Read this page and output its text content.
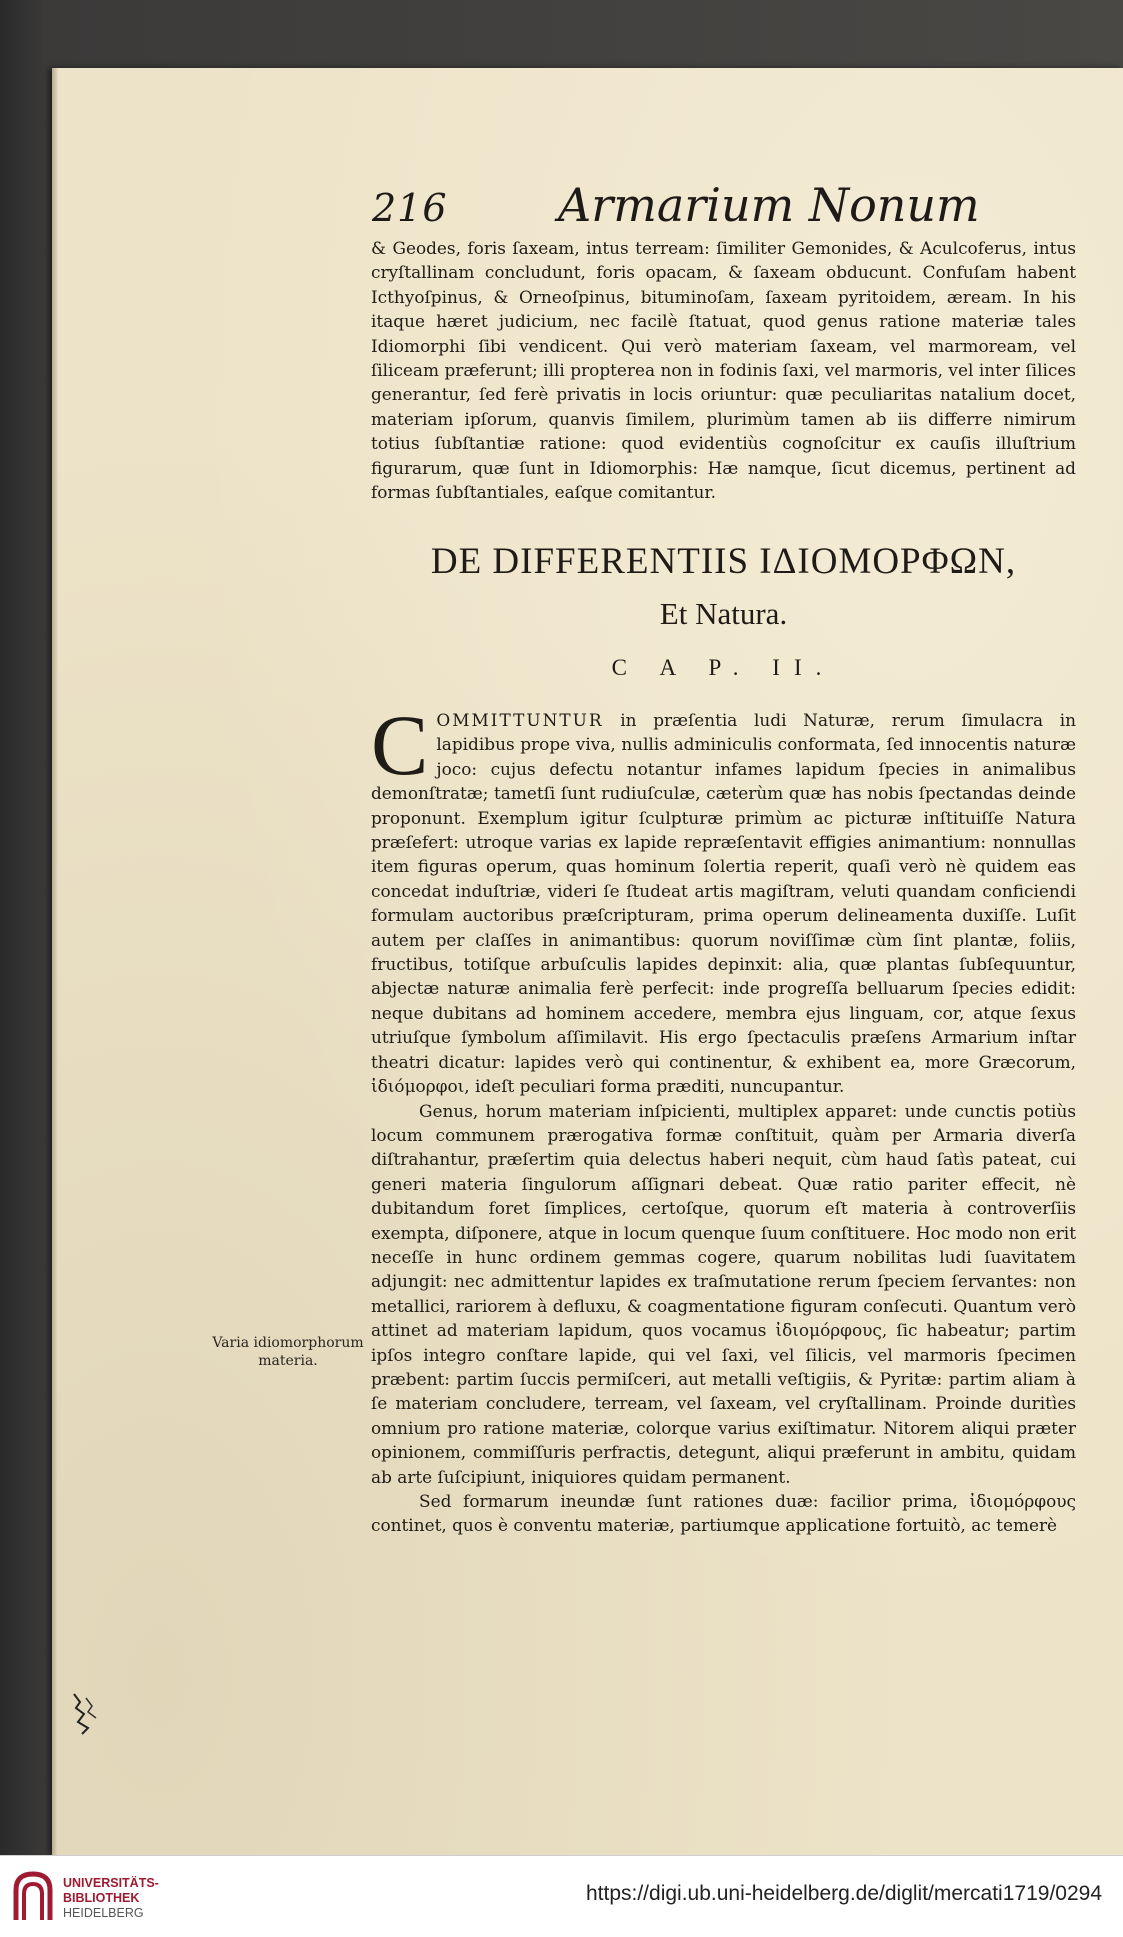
216 Armarium Nonum

& Geodes, foris ſaxeam, intus terream: ſimiliter Gemonides, & Aculcoferus, intus cryſtallinam concludunt, foris opacam, & ſaxeam obducunt. Confuſam habent Icthyoſpinus, & Orneoſpinus, bituminoſam, ſaxeam pyritoidem, æream. In his itaque hæret judicium, nec facilè ſtatuat, quod genus ratione materiæ tales Idiomorphi ſibi vendicent. Qui verò materiam ſaxeam, vel marmoream, vel ſiliceam præferunt; illi propterea non in fodinis ſaxi, vel marmoris, vel inter ſilices generantur, ſed ferè privatis in locis oriuntur: quæ peculiaritas natalium docet, materiam ipſorum, quanvis ſimilem, plurimùm tamen ab iis differre nimirum totius ſubſtantiæ ratione: quod evidentiùs cognoſcitur ex cauſis illuſtrium figurarum, quæ ſunt in Idiomorphis: Hæ namque, ſicut dicemus, pertinent ad formas ſubſtantiales, eaſque comitantur.

DE DIFFERENTIIS ΙΔΙΟΜΟΡΦΩΝ,
Et Natura.
C A P. II.

COMMITTUNTUR in præſentia ludi Naturæ, rerum ſimulacra in lapidibus prope viva, nullis adminiculis conformata, ſed innocentis naturæ joco: cujus defectu notantur infames lapidum ſpecies in animalibus demonſtratæ; tametſi ſunt rudiuſculæ, cæterùm quæ has nobis ſpectandas deinde proponunt. Exemplum igitur ſculpturæ primùm ac picturæ inſtituiſſe Natura præſefert: utroque varias ex lapide repræſentavit effigies animantium: nonnullas item figuras operum, quas hominum ſolertia reperit, quaſi verò nè quidem eas concedat induſtriæ, videri ſe ſtudeat artis magiſtram, veluti quandam conficiendi formulam auctoribus præſcripturam, prima operum delineamenta duxiſſe. Luſit autem per claſſes in animantibus: quorum noviſſimæ cùm ſint plantæ, foliis, fructibus, totiſque arbuſculis lapides depinxit: alia, quæ plantas ſubſequuntur, abjectæ naturæ animalia ferè perfecit: inde progreſſa belluarum ſpecies edidit: neque dubitans ad hominem accedere, membra ejus linguam, cor, atque ſexus utriuſque ſymbolum aſſimilavit. His ergo ſpectaculis præſens Armarium inſtar theatri dicatur: lapides verò qui continentur, & exhibent ea, more Græcorum, ἰδιόμορφοι, ideſt peculiari forma præditi, nuncupantur.

Genus, horum materiam inſpicienti, multiplex apparet: unde cunctis potiùs locum communem prærogativa formæ conſtituit, quàm per Armaria diverſa diſtrahantur, præſertim quia delectus haberi nequit, cùm haud ſatìs pateat, cui generi materia ſingulorum aſſignari debeat. Quæ ratio pariter effecit, nè dubitandum foret ſimplices, certoſque, quorum eſt materia à controverſiis exempta, diſponere, atque in locum quenque ſuum conſtituere. Hoc modo non erit neceſſe in hunc ordinem gemmas cogere, quarum nobilitas ludi ſuavitatem adjungit: nec admittentur lapides ex traſmutatione rerum ſpeciem ſervantes: non metallici, rariorem à defluxu, & coagmentatione figuram conſecuti. Quantum verò attinet ad materiam lapidum, quos vocamus ἰδιομόρφους, ſic habeatur; partim ipſos integro conſtare lapide, qui vel ſaxi, vel ſilicis, vel marmoris ſpecimen præbent: partim ſuccis permiſceri, aut metalli veſtigiis, & Pyritæ: partim aliam à ſe materiam concludere, terream, vel ſaxeam, vel cryſtallinam. Proinde duritìes omnium pro ratione materiæ, colorque varius exiſtimatur. Nitorem aliqui præter opinionem, commiſſuris perfractis, detegunt, aliqui præferunt in ambitu, quidam ab arte ſuſcipiunt, iniquiores quidam permanent.

Sed formarum ineundæ ſunt rationes duæ: facilior prima, ἰδιομόρφους continet, quos è conventu materiæ, partiumque applicatione fortuitò, ac temerè

Varia idiomorphorum materia.
UNIVERSITÄTS-
BIBLIOTHEK
HEIDELBERG
https://digi.ub.uni-heidelberg.de/diglit/mercati1719/0294
